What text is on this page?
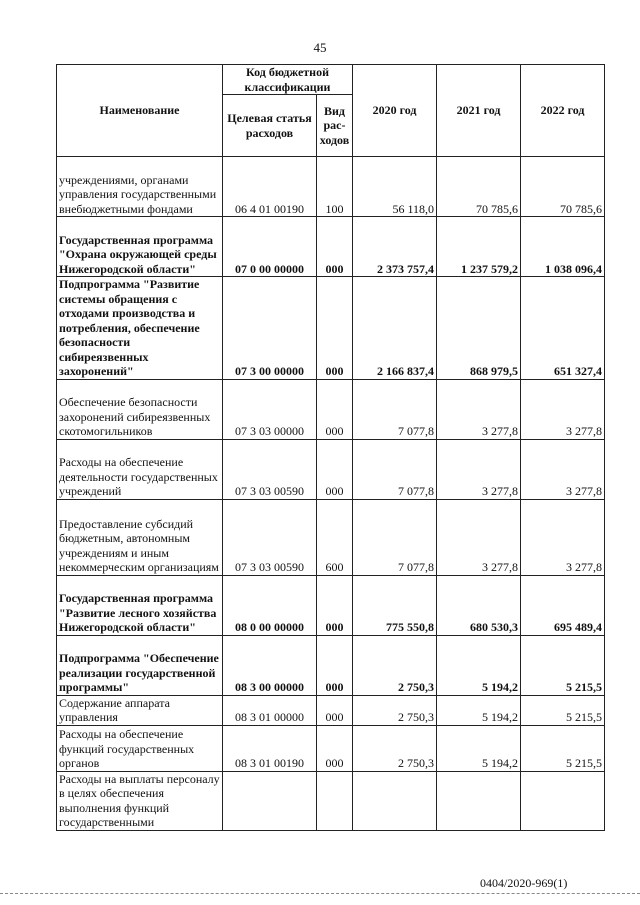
45
Наименование	Код бюджетной классификации		2020 год	2021 год	2022 год
	Целевая статья расходов	Вид рас-ходов			
учреждениями, органами управления государственными внебюджетными фондами	06 4 01 00190	100	56 118,0	70 785,6	70 785,6
Государственная программа "Охрана окружающей среды Нижегородской области"	07 0 00 00000	000	2 373 757,4	1 237 579,2	1 038 096,4
Подпрограмма "Развитие системы обращения с отходами производства и потребления, обеспечение безопасности сибиреязвенных захоронений"	07 3 00 00000	000	2 166 837,4	868 979,5	651 327,4
Обеспечение безопасности захоронений сибиреязвенных скотомогильников	07 3 03 00000	000	7 077,8	3 277,8	3 277,8
Расходы на обеспечение деятельности государственных учреждений	07 3 03 00590	000	7 077,8	3 277,8	3 277,8
Предоставление субсидий бюджетным, автономным учреждениям и иным некоммерческим организациям	07 3 03 00590	600	7 077,8	3 277,8	3 277,8
Государственная программа "Развитие лесного хозяйства Нижегородской области"	08 0 00 00000	000	775 550,8	680 530,3	695 489,4
Подпрограмма "Обеспечение реализации государственной программы"	08 3 00 00000	000	2 750,3	5 194,2	5 215,5
Содержание аппарата управления	08 3 01 00000	000	2 750,3	5 194,2	5 215,5
Расходы на обеспечение функций государственных органов	08 3 01 00190	000	2 750,3	5 194,2	5 215,5
Расходы на выплаты персоналу в целях обеспечения выполнения функций государственными					
0404/2020-969(1)
